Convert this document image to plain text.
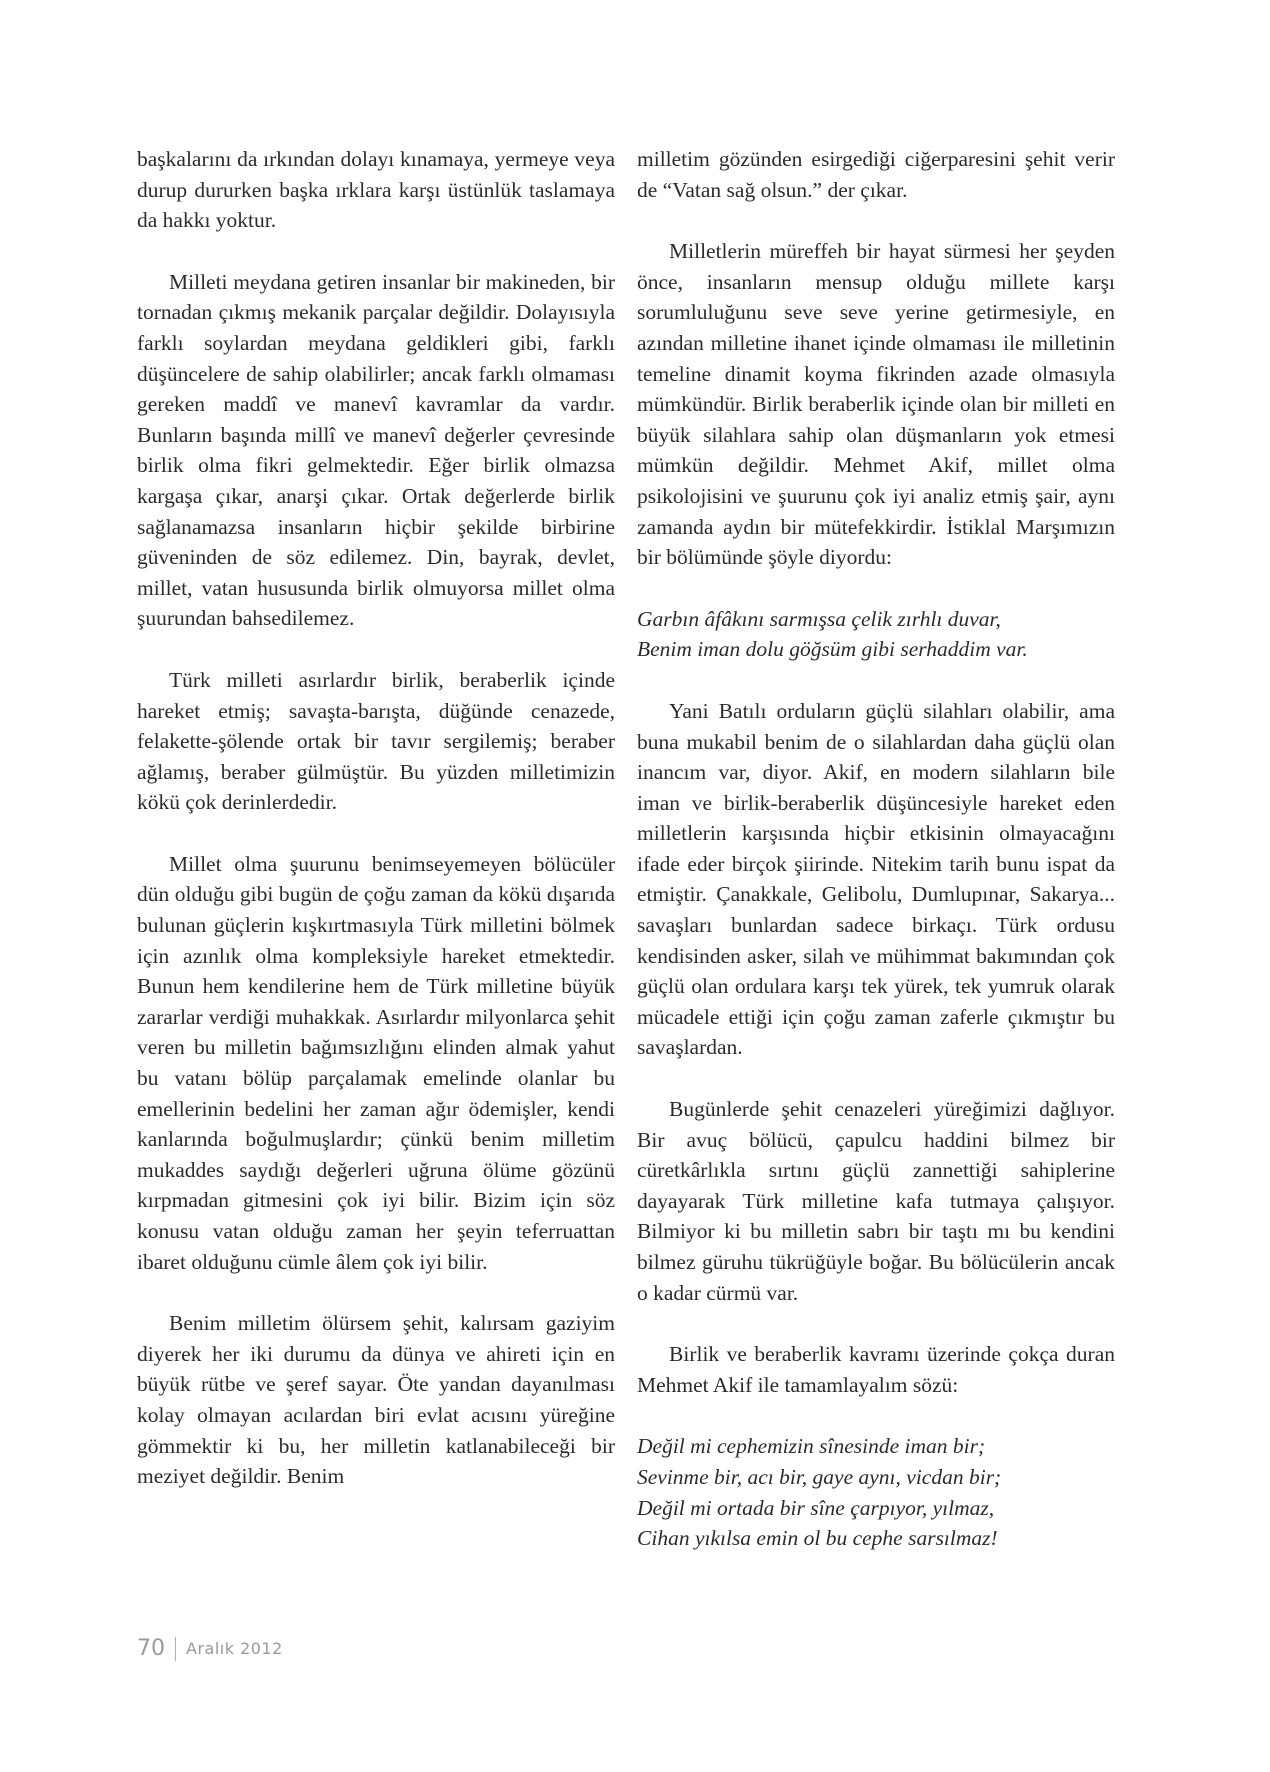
başkalarını da ırkından dolayı kınamaya, yermeye veya durup dururken başka ırklara karşı üstünlük taslamaya da hakkı yoktur.

Milleti meydana getiren insanlar bir makineden, bir tornadan çıkmış mekanik parçalar değildir. Dolayısıyla farklı soylardan meydana geldikleri gibi, farklı düşüncelere de sahip olabilirler; ancak farklı olmaması gereken maddî ve manevî kavramlar da vardır. Bunların başında millî ve manevî değerler çevresinde birlik olma fikri gelmektedir. Eğer birlik olmazsa kargaşa çıkar, anarşi çıkar. Ortak değerlerde birlik sağlanamazsa insanların hiçbir şekilde birbirine güveninden de söz edilemez. Din, bayrak, devlet, millet, vatan hususunda birlik olmuyorsa millet olma şuurundan bahsedilemez.

Türk milleti asırlardır birlik, beraberlik içinde hareket etmiş; savaşta-barışta, düğünde cenazede, felakette-şölende ortak bir tavır sergilemiş; beraber ağlamış, beraber gülmüştür. Bu yüzden milletimizin kökü çok derinlerdedir.

Millet olma şuurunu benimseyemeyen bölücüler dün olduğu gibi bugün de çoğu zaman da kökü dışarıda bulunan güçlerin kışkırtmasıyla Türk milletini bölmek için azınlık olma kompleksiyle hareket etmektedir. Bunun hem kendilerine hem de Türk milletine büyük zararlar verdiği muhakkak. Asırlardır milyonlarca şehit veren bu milletin bağımsızlığını elinden almak yahut bu vatanı bölüp parçalamak emelinde olanlar bu emellerinin bedelini her zaman ağır ödemişler, kendi kanlarında boğulmuşlardır; çünkü benim milletim mukaddes saydığı değerleri uğruna ölüme gözünü kırpmadan gitmesini çok iyi bilir. Bizim için söz konusu vatan olduğu zaman her şeyin teferruattan ibaret olduğunu cümle âlem çok iyi bilir.

Benim milletim ölürsem şehit, kalırsam gaziyim diyerek her iki durumu da dünya ve ahireti için en büyük rütbe ve şeref sayar. Öte yandan dayanılması kolay olmayan acılardan biri evlat acısını yüreğine gömmektir ki bu, her milletin katlanabileceği bir meziyet değildir. Benim

milletim gözünden esirgediği ciğerparesini şehit verir de “Vatan sağ olsun.” der çıkar.

Milletlerin müreffeh bir hayat sürmesi her şeyden önce, insanların mensup olduğu millete karşı sorumluluğunu seve seve yerine getirmesiyle, en azından milletine ihanet içinde olmaması ile milletinin temeline dinamit koyma fikrinden azade olmasıyla mümkündür. Birlik beraberlik içinde olan bir milleti en büyük silahlara sahip olan düşmanların yok etmesi mümkün değildir. Mehmet Akif, millet olma psikolojisini ve şuurunu çok iyi analiz etmiş şair, aynı zamanda aydın bir mütefekkirdir. İstiklal Marşımızın bir bölümünde şöyle diyordu:

Garbın âfâkını sarmışsa çelik zırhlı duvar,
Benim iman dolu göğsüm gibi serhaddim var.

Yani Batılı orduların güçlü silahları olabilir, ama buna mukabil benim de o silahlardan daha güçlü olan inancım var, diyor. Akif, en modern silahların bile iman ve birlik-beraberlik düşüncesiyle hareket eden milletlerin karşısında hiçbir etkisinin olmayacağını ifade eder birçok şiirinde. Nitekim tarih bunu ispat da etmiştir. Çanakkale, Gelibolu, Dumlupınar, Sakarya... savaşları bunlardan sadece birkaçı. Türk ordusu kendisinden asker, silah ve mühimmat bakımından çok güçlü olan ordulara karşı tek yürek, tek yumruk olarak mücadele ettiği için çoğu zaman zaferle çıkmıştır bu savaşlardan.

Bugünlerde şehit cenazeleri yüreğimizi dağlıyor. Bir avuç bölücü, çapulcu haddini bilmez bir cüretkârlıkla sırtını güçlü zannettiği sahiplerine dayayarak Türk milletine kafa tutmaya çalışıyor. Bilmiyor ki bu milletin sabrı bir taştı mı bu kendini bilmez güruhu tükrüğüyle boğar. Bu bölücülerin ancak o kadar cürmü var.

Birlik ve beraberlik kavramı üzerinde çokça duran Mehmet Akif ile tamamlayalım sözü:

Değil mi cephemizin sînesinde iman bir;
Sevinme bir, acı bir, gaye aynı, vicdan bir;
Değil mi ortada bir sîne çarpıyor, yılmaz,
Cihan yıkılsa emin ol bu cephe sarsılmaz!
70 Aralık 2012
